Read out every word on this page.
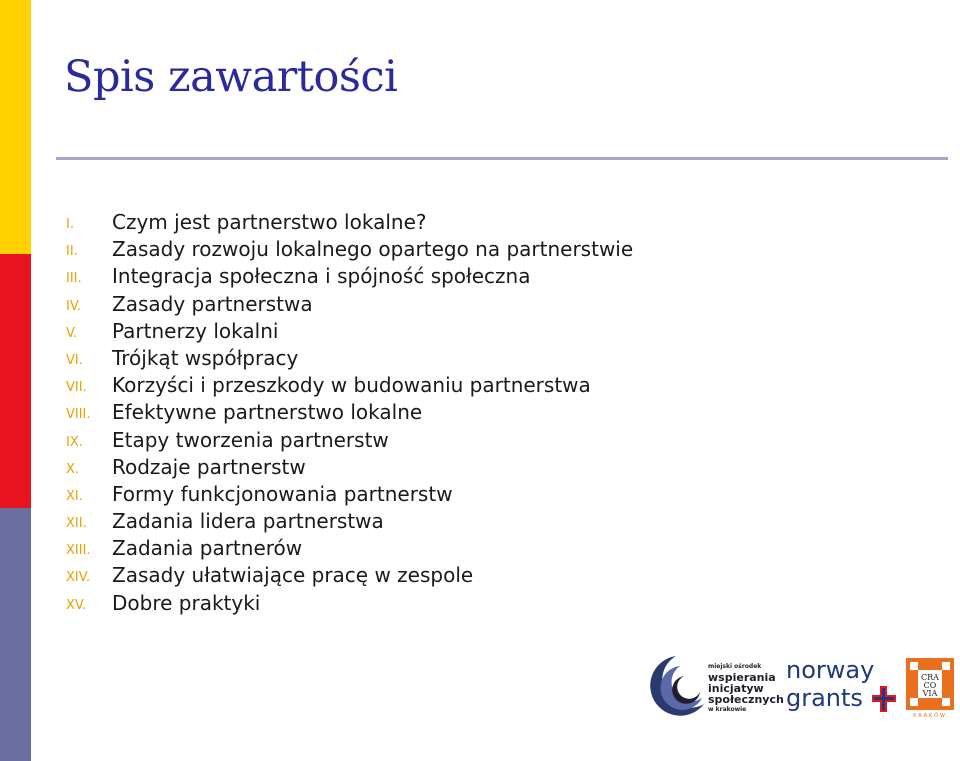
Spis zawartości
I. Czym jest partnerstwo lokalne?
II. Zasady rozwoju lokalnego opartego na partnerstwie
III. Integracja społeczna i spójność społeczna
IV. Zasady partnerstwa
V. Partnerzy lokalni
VI. Trójkąt współpracy
VII. Korzyści i przeszkody w budowaniu partnerstwa
VIII. Efektywne partnerstwo lokalne
IX. Etapy tworzenia partnerstw
X. Rodzaje partnerstw
XI. Formy funkcjonowania partnerstw
XII. Zadania lidera partnerstwa
XIII. Zadania partnerów
XIV. Zasady ułatwiające pracę w zespole
XV. Dobre praktyki
miejski ośrodek
wspierania
inicjatyw
społecznych
w krakowie
norway
grants
CRA
CO
VIA
KRAKÓW
